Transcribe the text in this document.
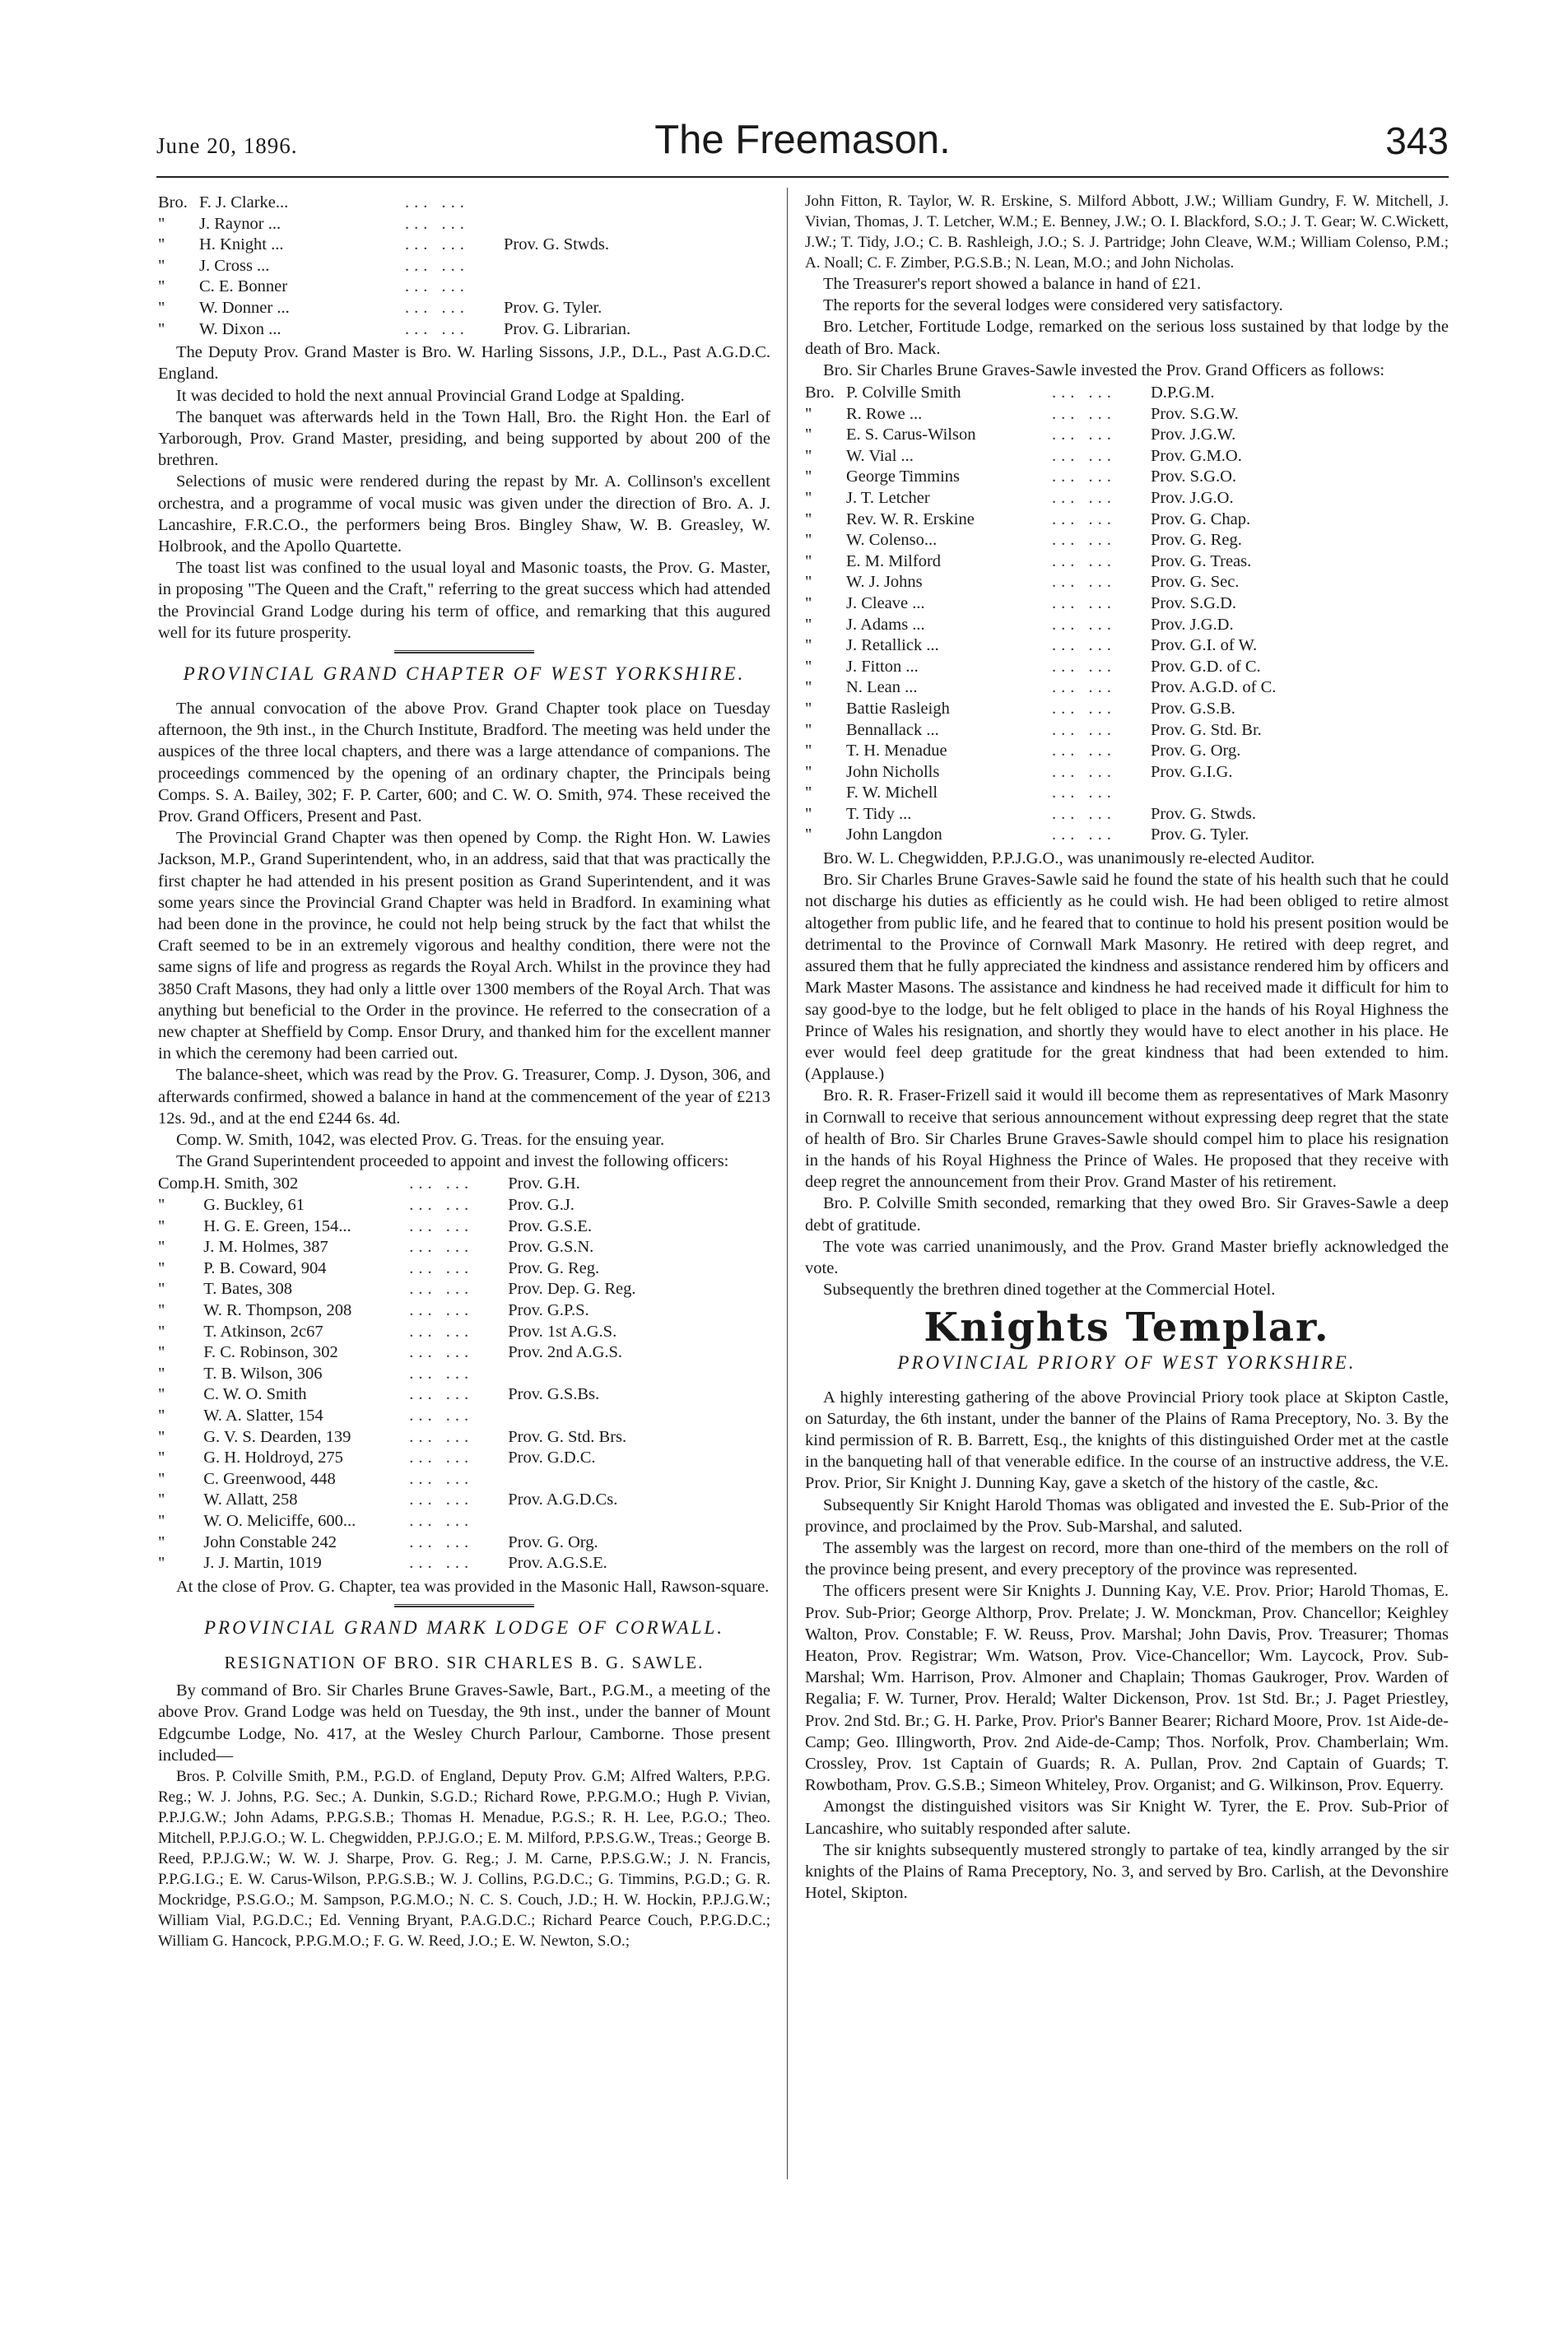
June 20, 1896.	The Freemason.	343
Bro.	F. J. Clarke...	... ...	
"	J. Raynor ...	... ...	
"	H. Knight ...	... ...	Prov. G. Stwds.
"	J. Cross ...	... ...	
"	C. E. Bonner	... ...	
"	W. Donner ...	... ...	Prov. G. Tyler.
"	W. Dixon ...	... ...	Prov. G. Librarian.

The Deputy Prov. Grand Master is Bro. W. Harling Sissons, J.P., D.L., Past A.G.D.C. England.

It was decided to hold the next annual Provincial Grand Lodge at Spalding.

The banquet was afterwards held in the Town Hall, Bro. the Right Hon. the Earl of Yarborough, Prov. Grand Master, presiding, and being supported by about 200 of the brethren.

Selections of music were rendered during the repast by Mr. A. Collinson's excellent orchestra, and a programme of vocal music was given under the direction of Bro. A. J. Lancashire, F.R.C.O., the performers being Bros. Bingley Shaw, W. B. Greasley, W. Holbrook, and the Apollo Quartette.

The toast list was confined to the usual loyal and Masonic toasts, the Prov. G. Master, in proposing "The Queen and the Craft," referring to the great success which had attended the Provincial Grand Lodge during his term of office, and remarking that this augured well for its future prosperity.

PROVINCIAL GRAND CHAPTER OF WEST YORKSHIRE.

The annual convocation of the above Prov. Grand Chapter took place on Tuesday afternoon, the 9th inst., in the Church Institute, Bradford. The meeting was held under the auspices of the three local chapters, and there was a large attendance of companions. The proceedings commenced by the opening of an ordinary chapter, the Principals being Comps. S. A. Bailey, 302; F. P. Carter, 600; and C. W. O. Smith, 974. These received the Prov. Grand Officers, Present and Past.

The Provincial Grand Chapter was then opened by Comp. the Right Hon. W. Lawies Jackson, M.P., Grand Superintendent, who, in an address, said that that was practically the first chapter he had attended in his present position as Grand Superintendent, and it was some years since the Provincial Grand Chapter was held in Bradford. In examining what had been done in the province, he could not help being struck by the fact that whilst the Craft seemed to be in an extremely vigorous and healthy condition, there were not the same signs of life and progress as regards the Royal Arch. Whilst in the province they had 3850 Craft Masons, they had only a little over 1300 members of the Royal Arch. That was anything but beneficial to the Order in the province. He referred to the consecration of a new chapter at Sheffield by Comp. Ensor Drury, and thanked him for the excellent manner in which the ceremony had been carried out.

The balance-sheet, which was read by the Prov. G. Treasurer, Comp. J. Dyson, 306, and afterwards confirmed, showed a balance in hand at the commencement of the year of £213 12s. 9d., and at the end £244 6s. 4d.

Comp. W. Smith, 1042, was elected Prov. G. Treas. for the ensuing year.

The Grand Superintendent proceeded to appoint and invest the following officers:

Comp.	H. Smith, 302	... ...	Prov. G.H.
"	G. Buckley, 61	... ...	Prov. G.J.
"	H. G. E. Green, 154...	... ...	Prov. G.S.E.
"	J. M. Holmes, 387	... ...	Prov. G.S.N.
"	P. B. Coward, 904	... ...	Prov. G. Reg.
"	T. Bates, 308	... ...	Prov. Dep. G. Reg.
"	W. R. Thompson, 208	... ...	Prov. G.P.S.
"	T. Atkinson, 2c67	... ...	Prov. 1st A.G.S.
"	F. C. Robinson, 302	... ...	Prov. 2nd A.G.S.
"	T. B. Wilson, 306	... ...	
"	C. W. O. Smith	... ...	Prov. G.S.Bs.
"	W. A. Slatter, 154	... ...	
"	G. V. S. Dearden, 139	... ...	Prov. G. Std. Brs.
"	G. H. Holdroyd, 275	... ...	Prov. G.D.C.
"	C. Greenwood, 448	... ...	
"	W. Allatt, 258	... ...	Prov. A.G.D.Cs.
"	W. O. Meliciffe, 600...	... ...	
"	John Constable 242	... ...	Prov. G. Org.
"	J. J. Martin, 1019	... ...	Prov. A.G.S.E.

At the close of Prov. G. Chapter, tea was provided in the Masonic Hall, Rawson-square.

PROVINCIAL GRAND MARK LODGE OF CORWALL.
RESIGNATION OF BRO. SIR CHARLES B. G. SAWLE.

By command of Bro. Sir Charles Brune Graves-Sawle, Bart., P.G.M., a meeting of the above Prov. Grand Lodge was held on Tuesday, the 9th inst., under the banner of Mount Edgcumbe Lodge, No. 417, at the Wesley Church Parlour, Camborne. Those present included—

Bros. P. Colville Smith, P.M., P.G.D. of England, Deputy Prov. G.M; Alfred Walters, P.P.G. Reg.; W. J. Johns, P.G. Sec.; A. Dunkin, S.G.D.; Richard Rowe, P.P.G.M.O.; Hugh P. Vivian, P.P.J.G.W.; John Adams, P.P.G.S.B.; Thomas H. Menadue, P.G.S.; R. H. Lee, P.G.O.; Theo. Mitchell, P.P.J.G.O.; W. L. Chegwidden, P.P.J.G.O.; E. M. Milford, P.P.S.G.W., Treas.; George B. Reed, P.P.J.G.W.; W. W. J. Sharpe, Prov. G. Reg.; J. M. Carne, P.P.S.G.W.; J. N. Francis, P.P.G.I.G.; E. W. Carus-Wilson, P.P.G.S.B.; W. J. Collins, P.G.D.C.; G. Timmins, P.G.D.; G. R. Mockridge, P.S.G.O.; M. Sampson, P.G.M.O.; N. C. S. Couch, J.D.; H. W. Hockin, P.P.J.G.W.; William Vial, P.G.D.C.; Ed. Venning Bryant, P.A.G.D.C.; Richard Pearce Couch, P.P.G.D.C.; William G. Hancock, P.P.G.M.O.; F. G. W. Reed, J.O.; E. W. Newton, S.O.;

John Fitton, R. Taylor, W. R. Erskine, S. Milford Abbott, J.W.; William Gundry, F. W. Mitchell, J. Vivian, Thomas, J. T. Letcher, W.M.; E. Benney, J.W.; O. I. Blackford, S.O.; J. T. Gear; W. C.Wickett, J.W.; T. Tidy, J.O.; C. B. Rashleigh, J.O.; S. J. Partridge; John Cleave, W.M.; William Colenso, P.M.; A. Noall; C. F. Zimber, P.G.S.B.; N. Lean, M.O.; and John Nicholas.

The Treasurer's report showed a balance in hand of £21.

The reports for the several lodges were considered very satisfactory.

Bro. Letcher, Fortitude Lodge, remarked on the serious loss sustained by that lodge by the death of Bro. Mack.

Bro. Sir Charles Brune Graves-Sawle invested the Prov. Grand Officers as follows:

Bro.	P. Colville Smith	... ...	D.P.G.M.
"	R. Rowe ...	... ...	Prov. S.G.W.
"	E. S. Carus-Wilson	... ...	Prov. J.G.W.
"	W. Vial ...	... ...	Prov. G.M.O.
"	George Timmins	... ...	Prov. S.G.O.
"	J. T. Letcher	... ...	Prov. J.G.O.
"	Rev. W. R. Erskine	... ...	Prov. G. Chap.
"	W. Colenso...	... ...	Prov. G. Reg.
"	E. M. Milford	... ...	Prov. G. Treas.
"	W. J. Johns	... ...	Prov. G. Sec.
"	J. Cleave ...	... ...	Prov. S.G.D.
"	J. Adams ...	... ...	Prov. J.G.D.
"	J. Retallick ...	... ...	Prov. G.I. of W.
"	J. Fitton ...	... ...	Prov. G.D. of C.
"	N. Lean ...	... ...	Prov. A.G.D. of C.
"	Battie Rasleigh	... ...	Prov. G.S.B.
"	Bennallack ...	... ...	Prov. G. Std. Br.
"	T. H. Menadue	... ...	Prov. G. Org.
"	John Nicholls	... ...	Prov. G.I.G.
"	F. W. Michell	... ...	
"	T. Tidy ...	... ...	Prov. G. Stwds.
"	John Langdon	... ...	Prov. G. Tyler.

Bro. W. L. Chegwidden, P.P.J.G.O., was unanimously re-elected Auditor.

Bro. Sir Charles Brune Graves-Sawle said he found the state of his health such that he could not discharge his duties as efficiently as he could wish. He had been obliged to retire almost altogether from public life, and he feared that to continue to hold his present position would be detrimental to the Province of Cornwall Mark Masonry. He retired with deep regret, and assured them that he fully appreciated the kindness and assistance rendered him by officers and Mark Master Masons. The assistance and kindness he had received made it difficult for him to say good-bye to the lodge, but he felt obliged to place in the hands of his Royal Highness the Prince of Wales his resignation, and shortly they would have to elect another in his place. He ever would feel deep gratitude for the great kindness that had been extended to him. (Applause.)

Bro. R. R. Fraser-Frizell said it would ill become them as representatives of Mark Masonry in Cornwall to receive that serious announcement without expressing deep regret that the state of health of Bro. Sir Charles Brune Graves-Sawle should compel him to place his resignation in the hands of his Royal Highness the Prince of Wales. He proposed that they receive with deep regret the announcement from their Prov. Grand Master of his retirement.

Bro. P. Colville Smith seconded, remarking that they owed Bro. Sir Graves-Sawle a deep debt of gratitude.

The vote was carried unanimously, and the Prov. Grand Master briefly acknowledged the vote.

Subsequently the brethren dined together at the Commercial Hotel.

Knights Templar.
PROVINCIAL PRIORY OF WEST YORKSHIRE.

A highly interesting gathering of the above Provincial Priory took place at Skipton Castle, on Saturday, the 6th instant, under the banner of the Plains of Rama Preceptory, No. 3. By the kind permission of R. B. Barrett, Esq., the knights of this distinguished Order met at the castle in the banqueting hall of that venerable edifice. In the course of an instructive address, the V.E. Prov. Prior, Sir Knight J. Dunning Kay, gave a sketch of the history of the castle, &c.

Subsequently Sir Knight Harold Thomas was obligated and invested the E. Sub-Prior of the province, and proclaimed by the Prov. Sub-Marshal, and saluted.

The assembly was the largest on record, more than one-third of the members on the roll of the province being present, and every preceptory of the province was represented.

The officers present were Sir Knights J. Dunning Kay, V.E. Prov. Prior; Harold Thomas, E. Prov. Sub-Prior; George Althorp, Prov. Prelate; J. W. Monckman, Prov. Chancellor; Keighley Walton, Prov. Constable; F. W. Reuss, Prov. Marshal; John Davis, Prov. Treasurer; Thomas Heaton, Prov. Registrar; Wm. Watson, Prov. Vice-Chancellor; Wm. Laycock, Prov. Sub-Marshal; Wm. Harrison, Prov. Almoner and Chaplain; Thomas Gaukroger, Prov. Warden of Regalia; F. W. Turner, Prov. Herald; Walter Dickenson, Prov. 1st Std. Br.; J. Paget Priestley, Prov. 2nd Std. Br.; G. H. Parke, Prov. Prior's Banner Bearer; Richard Moore, Prov. 1st Aide-de-Camp; Geo. Illingworth, Prov. 2nd Aide-de-Camp; Thos. Norfolk, Prov. Chamberlain; Wm. Crossley, Prov. 1st Captain of Guards; R. A. Pullan, Prov. 2nd Captain of Guards; T. Rowbotham, Prov. G.S.B.; Simeon Whiteley, Prov. Organist; and G. Wilkinson, Prov. Equerry.

Amongst the distinguished visitors was Sir Knight W. Tyrer, the E. Prov. Sub-Prior of Lancashire, who suitably responded after salute.

The sir knights subsequently mustered strongly to partake of tea, kindly arranged by the sir knights of the Plains of Rama Preceptory, No. 3, and served by Bro. Carlish, at the Devonshire Hotel, Skipton.
